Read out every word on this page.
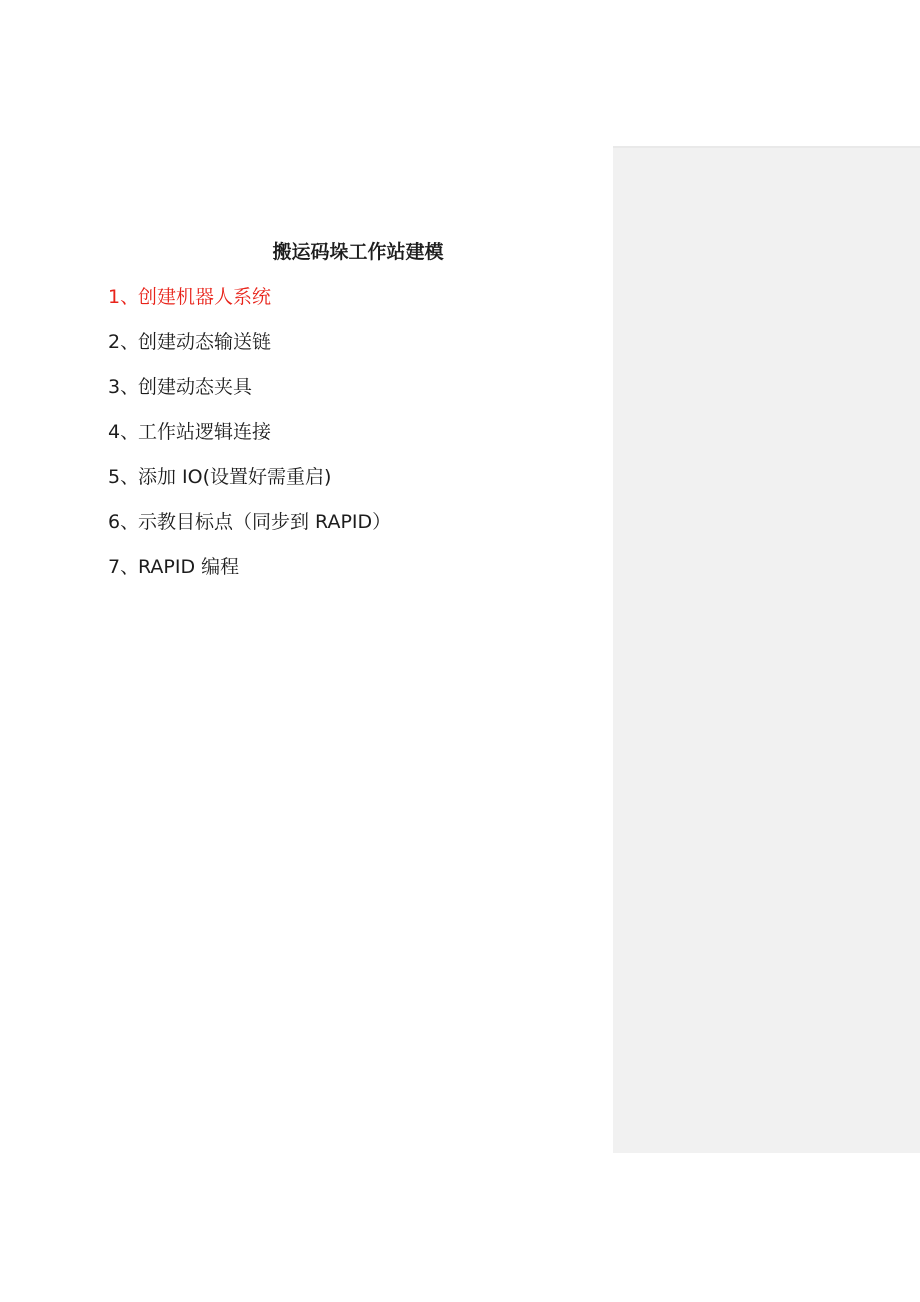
搬运码垛工作站建模
1、创建机器人系统
2、创建动态输送链
3、创建动态夹具
4、工作站逻辑连接
5、添加 IO(设置好需重启)
6、示教目标点（同步到 RAPID）
7、RAPID 编程
